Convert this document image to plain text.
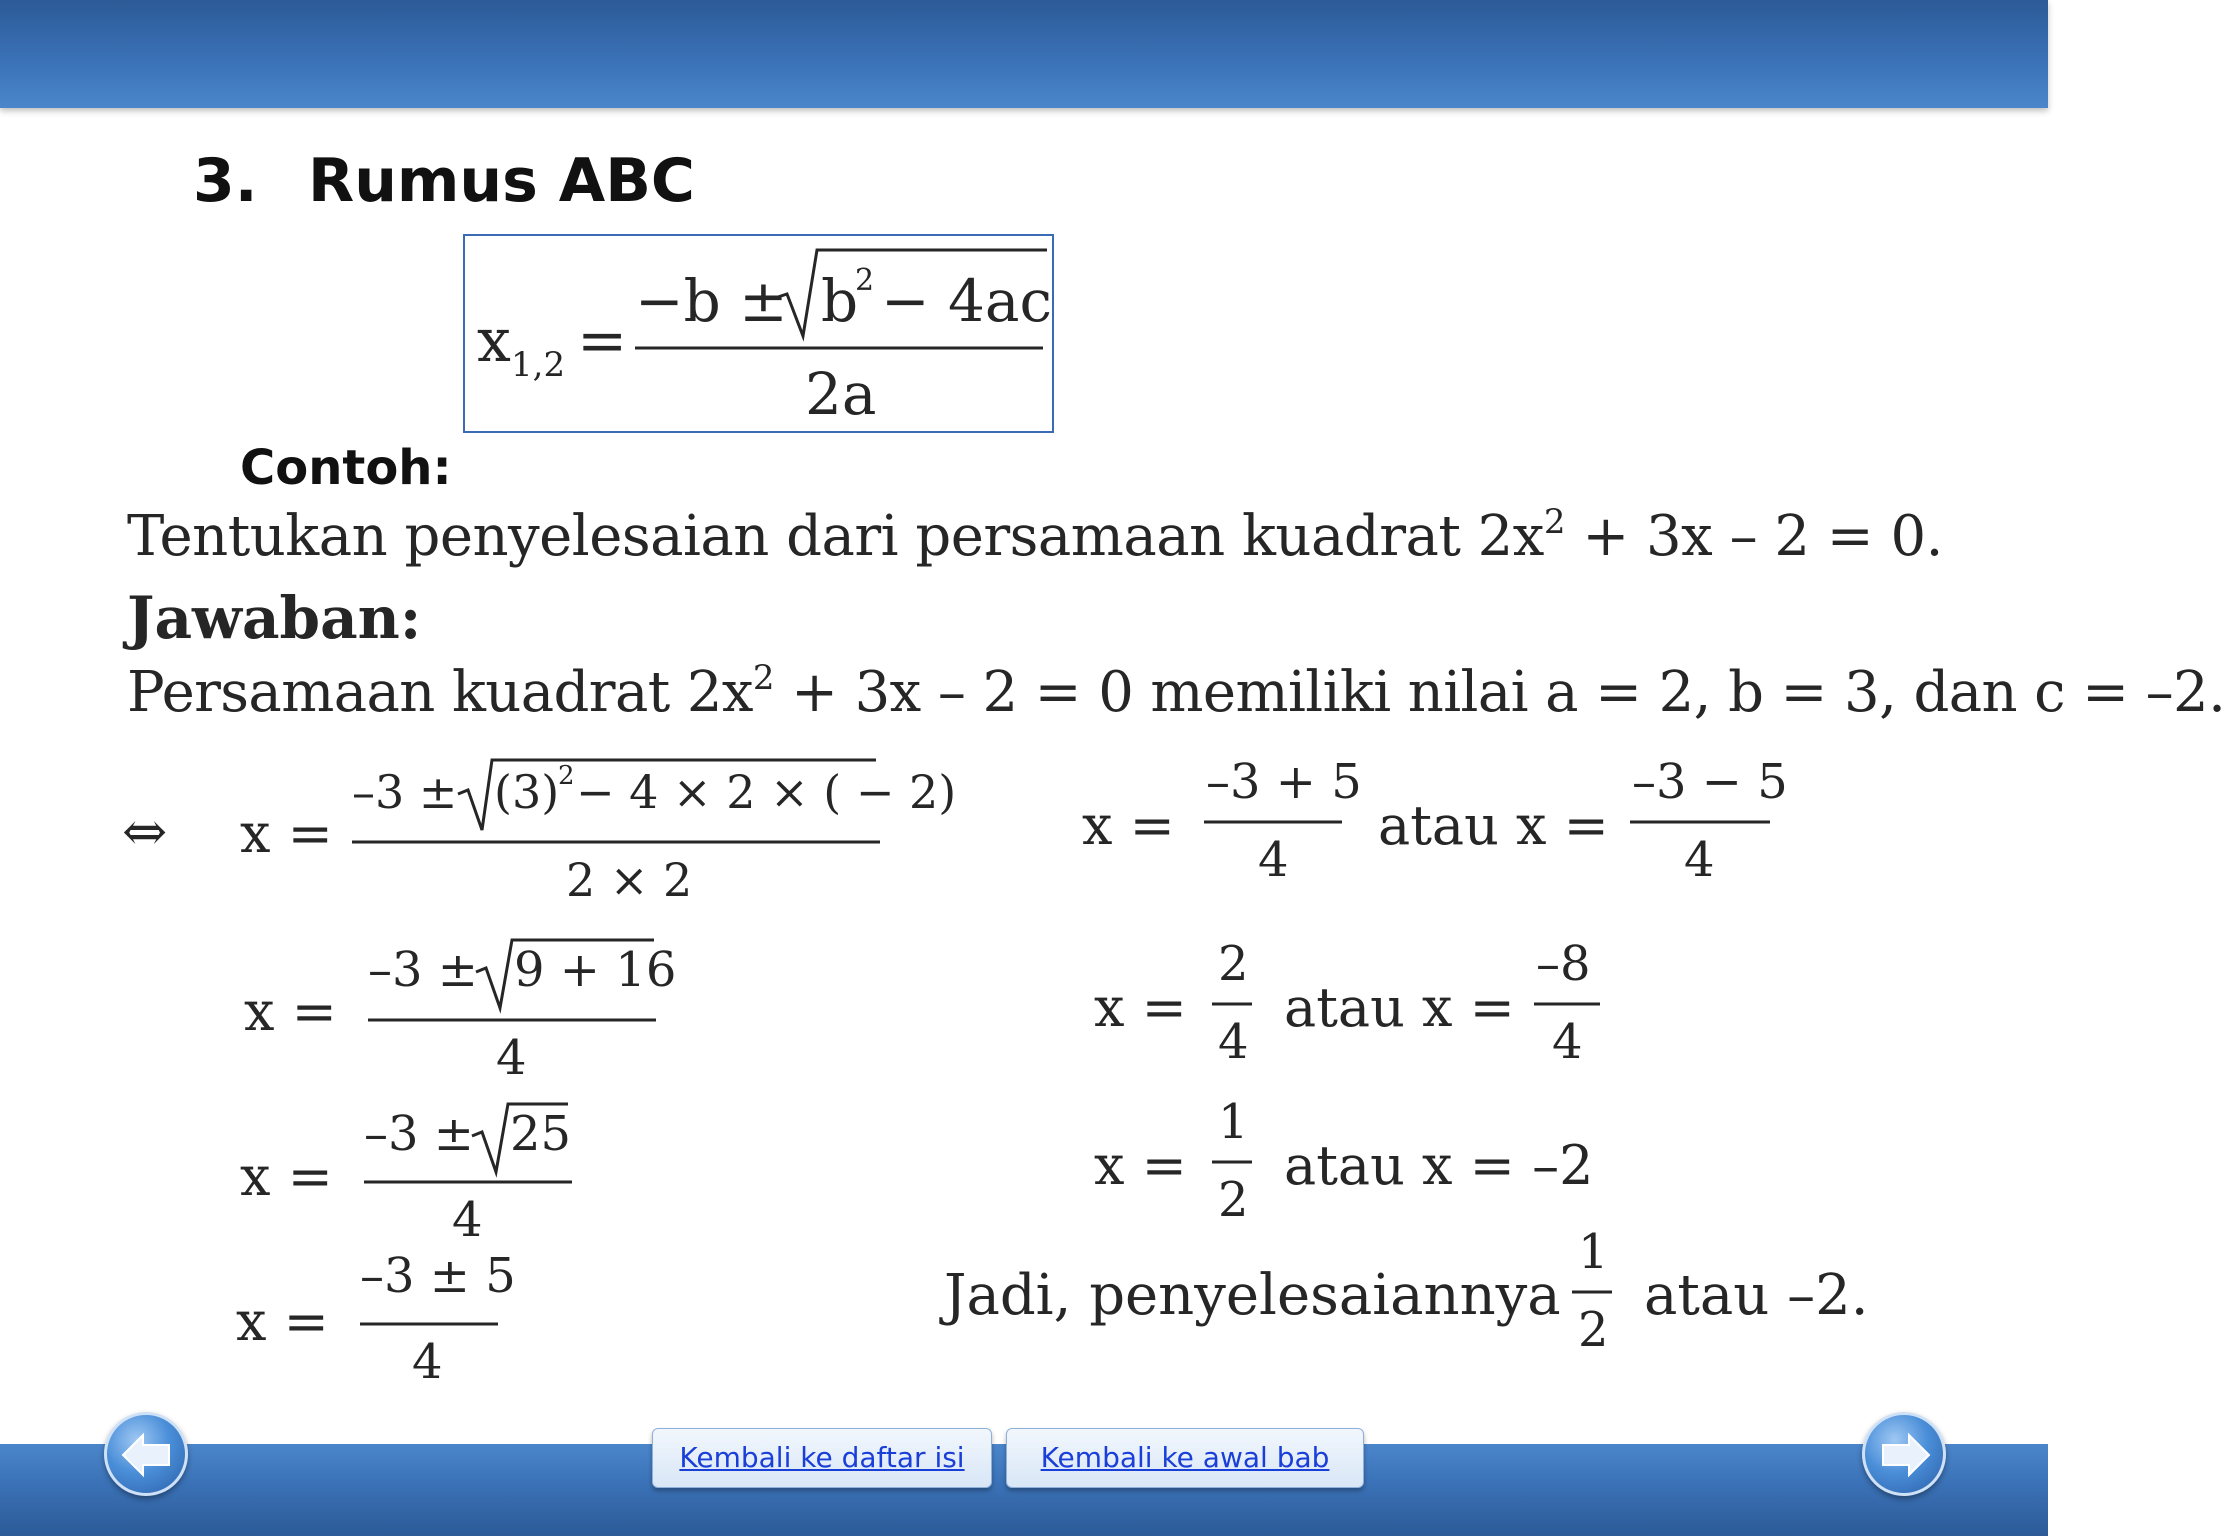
3. Rumus ABC
x 1,2 =
−b ± b
2 − 4ac
2a
Contoh:
Tentukan penyelesaian dari persamaan kuadrat $2x^2 + 3x - 2 = 0$.
Jawaban:
Persamaan kuadrat $2x^2 + 3x - 2 = 0$ memiliki nilai a = 2, b = 3, dan c = –2.
⇔ x =
–3 ± (3)
2 − 4 × 2 × ( − 2)
2 × 2
x =
–3 ± 9 + 16
4
x =
–3 ± 25
4
x =
–3 ± 5
4
x =
–3 + 5
4
atau x =
–3 − 5
4
x =
2
4
atau x =
–8
4
x =
1
2
atau x = –2
Jadi, penyelesaiannya
1
2
atau –2.
Kembali ke daftar isi	Kembali ke awal bab
